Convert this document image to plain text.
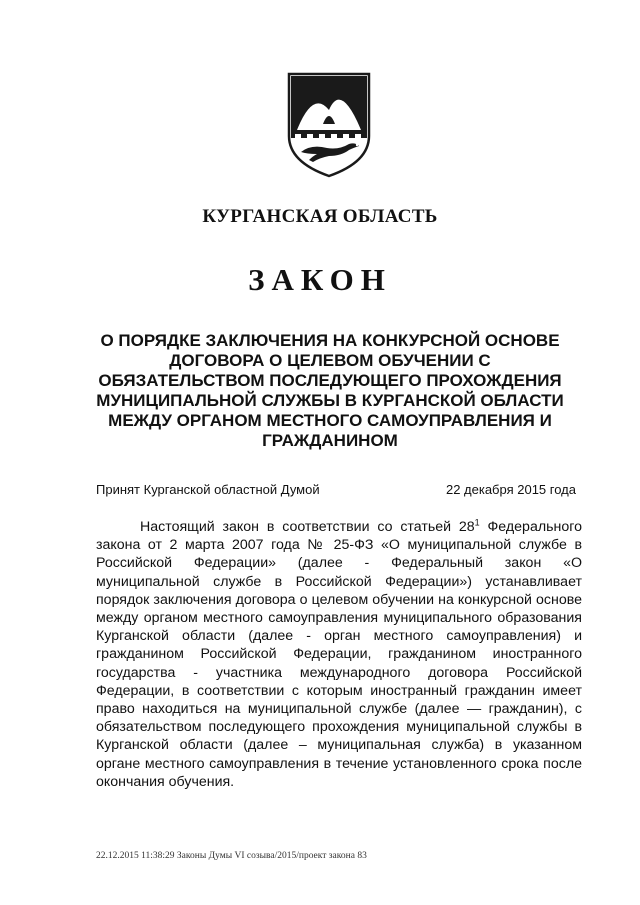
КУРГАНСКАЯ ОБЛАСТЬ
ЗАКОН
О ПОРЯДКЕ ЗАКЛЮЧЕНИЯ НА КОНКУРСНОЙ ОСНОВЕ ДОГОВОРА О ЦЕЛЕВОМ ОБУЧЕНИИ С ОБЯЗАТЕЛЬСТВОМ ПОСЛЕДУЮЩЕГО ПРОХОЖДЕНИЯ МУНИЦИПАЛЬНОЙ СЛУЖБЫ В КУРГАНСКОЙ ОБЛАСТИ МЕЖДУ ОРГАНОМ МЕСТНОГО САМОУПРАВЛЕНИЯ И ГРАЖДАНИНОМ
Принят Курганской областной Думой	22 декабря 2015 года
Настоящий закон в соответствии со статьей $28^1$ Федерального закона от 2 марта 2007 года № 25-ФЗ «О муниципальной службе в Российской Федерации» (далее - Федеральный закон «О муниципальной службе в Российской Федерации») устанавливает порядок заключения договора о целевом обучении на конкурсной основе между органом местного самоуправления муниципального образования Курганской области (далее - орган местного самоуправления) и гражданином Российской Федерации, гражданином иностранного государства - участника международного договора Российской Федерации, в соответствии с которым иностранный гражданин имеет право находиться на муниципальной службе (далее — гражданин), с обязательством последующего прохождения муниципальной службы в Курганской области (далее – муниципальная служба) в указанном органе местного самоуправления в течение установленного срока после окончания обучения.
22.12.2015 11:38:29 Законы Думы VI созыва/2015/проект закона 83
